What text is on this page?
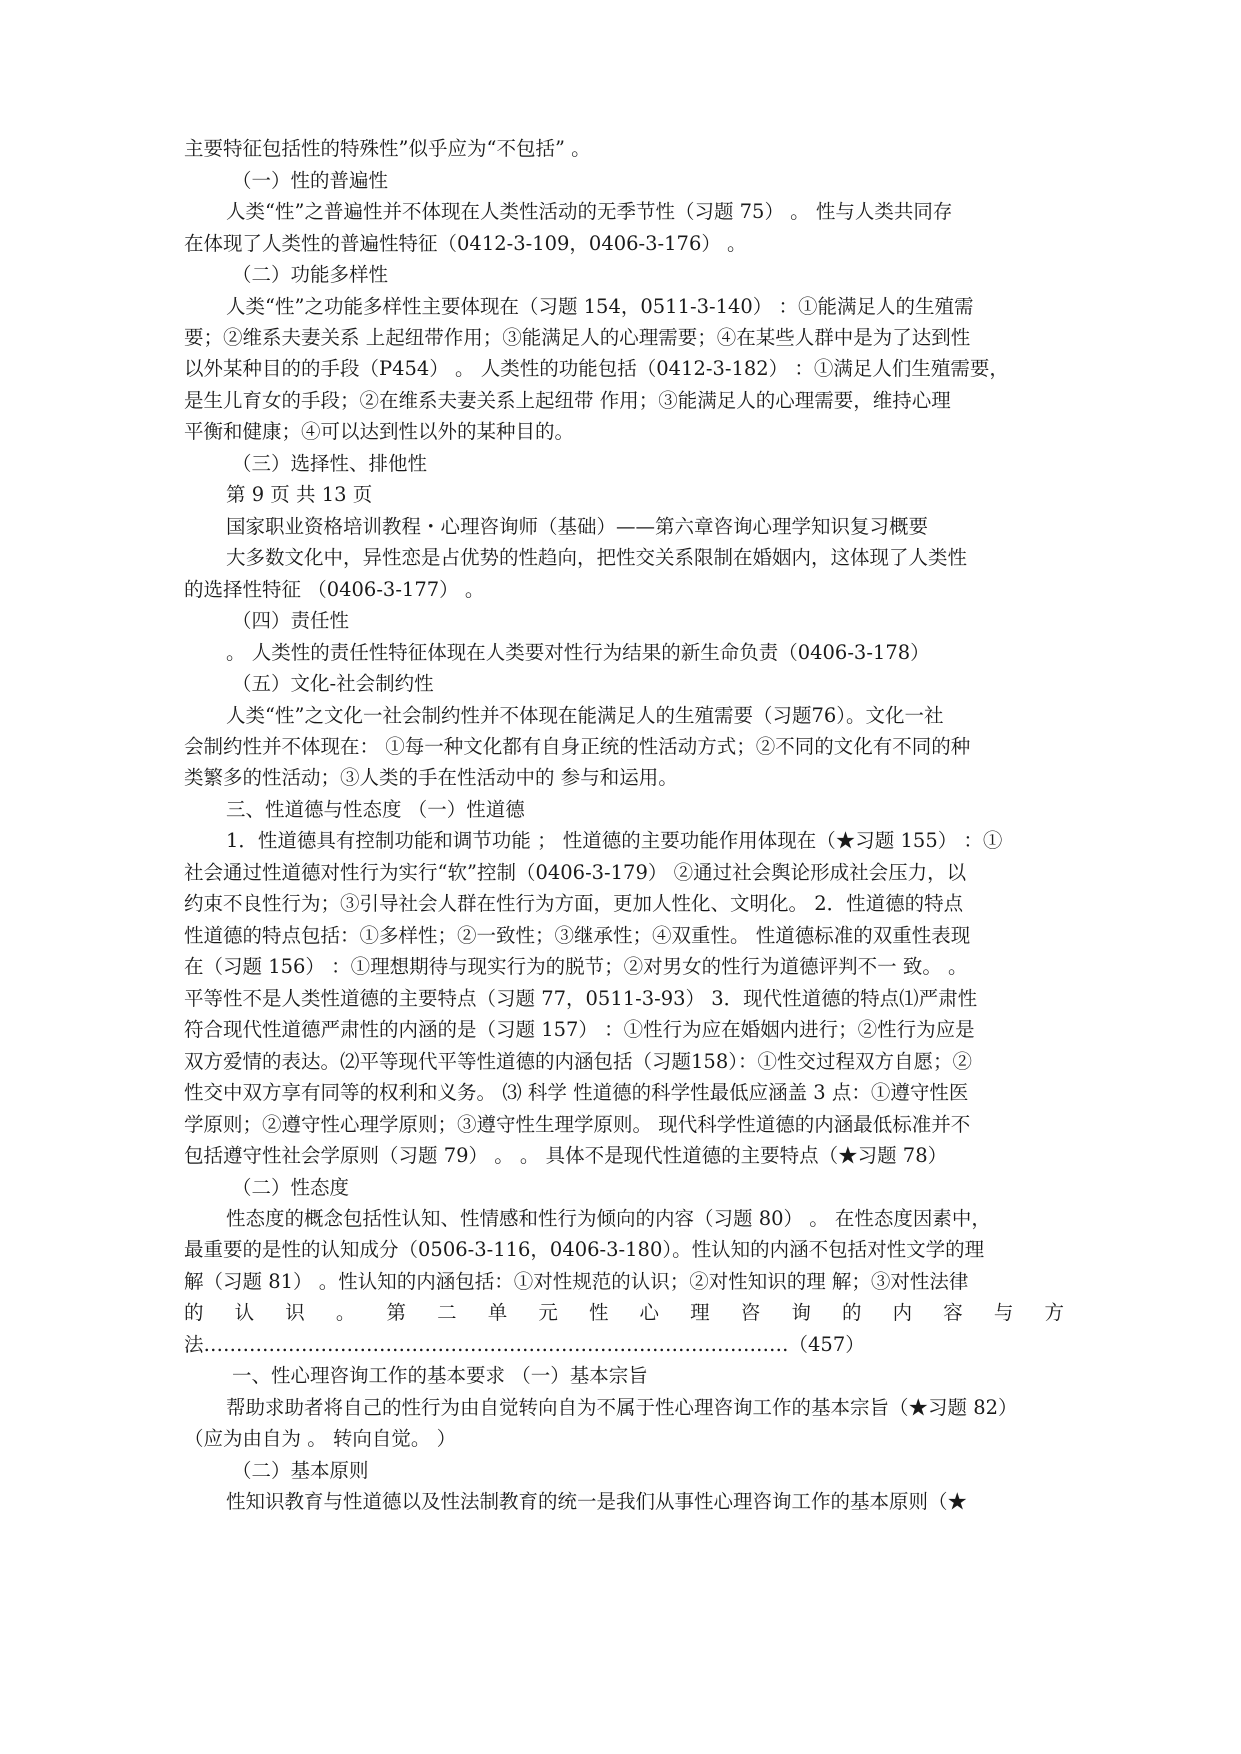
主要特征包括性的特殊性”似乎应为“不包括” 。
（一）性的普遍性
人类“性”之普遍性并不体现在人类性活动的无季节性（习题 75） 。 性与人类共同存
在体现了人类性的普遍性特征（0412-3-109，0406-3-176） 。
（二）功能多样性
人类“性”之功能多样性主要体现在（习题 154，0511-3-140） ：①能满足人的生殖需
要；②维系夫妻关系 上起纽带作用；③能满足人的心理需要；④在某些人群中是为了达到性
以外某种目的的手段（P454） 。 人类性的功能包括（0412-3-182） ：①满足人们生殖需要，
是生儿育女的手段；②在维系夫妻关系上起纽带 作用；③能满足人的心理需要，维持心理
平衡和健康；④可以达到性以外的某种目的。
（三）选择性、排他性
第 9 页 共 13 页
国家职业资格培训教程・心理咨询师（基础）——第六章咨询心理学知识复习概要
大多数文化中，异性恋是占优势的性趋向，把性交关系限制在婚姻内，这体现了人类性
的选择性特征 （0406-3-177） 。
（四）责任性
。 人类性的责任性特征体现在人类要对性行为结果的新生命负责（0406-3-178）
（五）文化-社会制约性
人类“性”之文化一社会制约性并不体现在能满足人的生殖需要（习题76）。文化一社
会制约性并不体现在： ①每一种文化都有自身正统的性活动方式；②不同的文化有不同的种
类繁多的性活动；③人类的手在性活动中的 参与和运用。
三、性道德与性态度 （一）性道德
1．性道德具有控制功能和调节功能 ； 性道德的主要功能作用体现在（★习题 155） ：①
社会通过性道德对性行为实行“软”控制（0406-3-179） ②通过社会舆论形成社会压力，以
约束不良性行为；③引导社会人群在性行为方面，更加人性化、文明化。 2．性道德的特点
性道德的特点包括：①多样性；②一致性；③继承性；④双重性。 性道德标准的双重性表现
在（习题 156） ：①理想期待与现实行为的脱节；②对男女的性行为道德评判不一 致。 。
平等性不是人类性道德的主要特点（习题 77，0511-3-93） 3．现代性道德的特点⑴严肃性
符合现代性道德严肃性的内涵的是（习题 157） ：①性行为应在婚姻内进行；②性行为应是
双方爱情的表达。⑵平等现代平等性道德的内涵包括（习题158）：①性交过程双方自愿；②
性交中双方享有同等的权利和义务。 ⑶ 科学 性道德的科学性最低应涵盖 3 点：①遵守性医
学原则；②遵守性心理学原则；③遵守性生理学原则。 现代科学性道德的内涵最低标准并不
包括遵守性社会学原则（习题 79） 。 。 具体不是现代性道德的主要特点（★习题 78）
（二）性态度
性态度的概念包括性认知、性情感和性行为倾向的内容（习题 80） 。 在性态度因素中，
最重要的是性的认知成分（0506-3-116，0406-3-180）。性认知的内涵不包括对性文学的理
解（习题 81） 。性认知的内涵包括：①对性规范的认识；②对性知识的理 解；③对性法律
的 认 识 。 第 二 单 元 性 心 理 咨 询 的 内 容 与 方
法………………………………………………………………………………（457）
一、性心理咨询工作的基本要求 （一）基本宗旨
帮助求助者将自己的性行为由自觉转向自为不属于性心理咨询工作的基本宗旨（★习题 82）
（应为由自为 。 转向自觉。 ）
（二）基本原则
性知识教育与性道德以及性法制教育的统一是我们从事性心理咨询工作的基本原则（★
